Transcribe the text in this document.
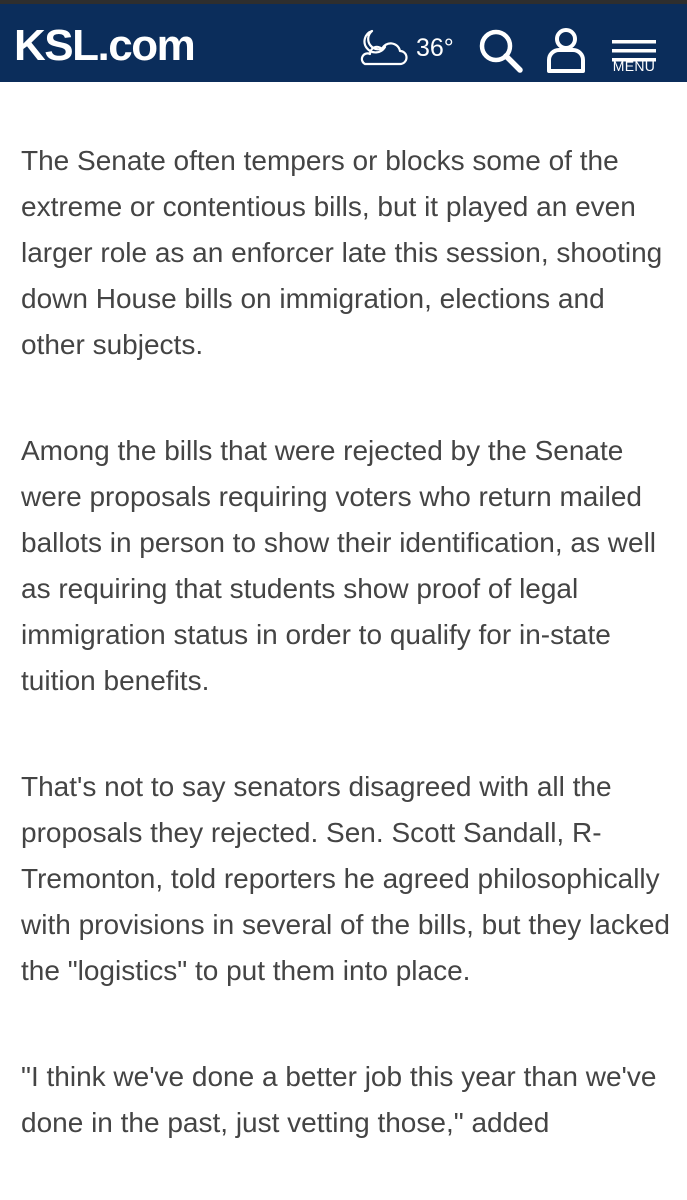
KSL.com	36°
MENU

The Senate often tempers or blocks some of the extreme or contentious bills, but it played an even larger role as an enforcer late this session, shooting down House bills on immigration, elections and other subjects.

Among the bills that were rejected by the Senate were proposals requiring voters who return mailed ballots in person to show their identification, as well as requiring that students show proof of legal immigration status in order to qualify for in-state tuition benefits.

That's not to say senators disagreed with all the proposals they rejected. Sen. Scott Sandall, R-Tremonton, told reporters he agreed philosophically with provisions in several of the bills, but they lacked the "logistics" to put them into place.

"I think we've done a better job this year than we've done in the past, just vetting those," added
